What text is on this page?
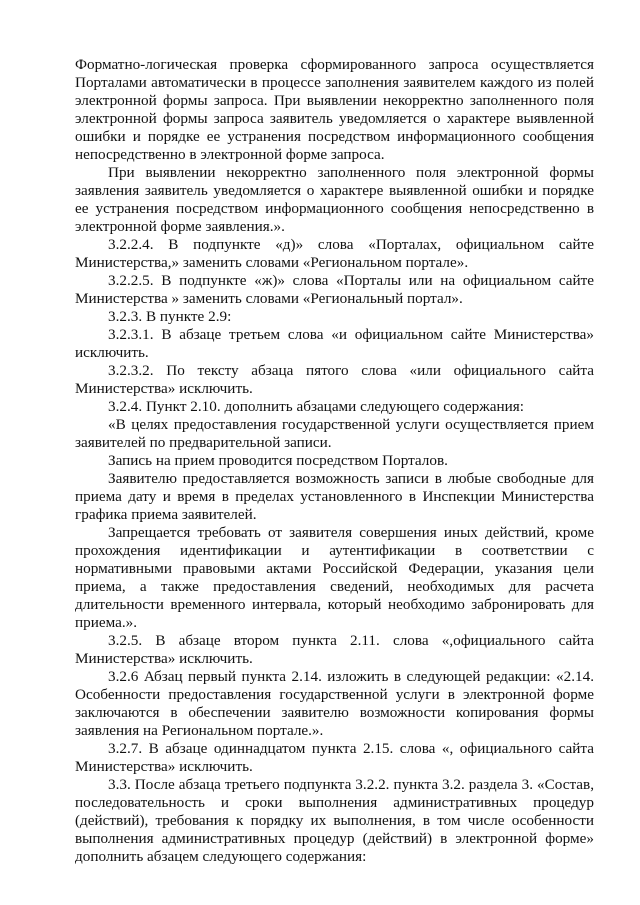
Форматно-логическая проверка сформированного запроса осуществляется Порталами автоматически в процессе заполнения заявителем каждого из полей электронной формы запроса. При выявлении некорректно заполненного поля электронной формы запроса заявитель уведомляется о характере выявленной ошибки и порядке ее устранения посредством информационного сообщения непосредственно в электронной форме запроса.

При выявлении некорректно заполненного поля электронной формы заявления заявитель уведомляется о характере выявленной ошибки и порядке ее устранения посредством информационного сообщения непосредственно в электронной форме заявления.».

3.2.2.4. В подпункте «д)» слова «Порталах, официальном сайте Министерства,» заменить словами «Региональном портале».

3.2.2.5. В подпункте «ж)» слова «Порталы или на официальном сайте Министерства » заменить словами «Региональный портал».

3.2.3. В пункте 2.9:

3.2.3.1. В абзаце третьем слова «и официальном сайте Министерства» исключить.

3.2.3.2. По тексту абзаца пятого слова «или официального сайта Министерства» исключить.

3.2.4. Пункт 2.10. дополнить абзацами следующего содержания:

«В целях предоставления государственной услуги осуществляется прием заявителей по предварительной записи.

Запись на прием проводится посредством Порталов.

Заявителю предоставляется возможность записи в любые свободные для приема дату и время в пределах установленного в Инспекции Министерства графика приема заявителей.

Запрещается требовать от заявителя совершения иных действий, кроме прохождения идентификации и аутентификации в соответствии с нормативными правовыми актами Российской Федерации, указания цели приема, а также предоставления сведений, необходимых для расчета длительности временного интервала, который необходимо забронировать для приема.».

3.2.5. В абзаце втором пункта 2.11. слова «,официального сайта Министерства» исключить.

3.2.6 Абзац первый пункта 2.14. изложить в следующей редакции: «2.14. Особенности предоставления государственной услуги в электронной форме заключаются в обеспечении заявителю возможности копирования формы заявления на Региональном портале.».

3.2.7. В абзаце одиннадцатом пункта 2.15. слова «, официального сайта Министерства» исключить.

3.3. После абзаца третьего подпункта 3.2.2. пункта 3.2. раздела 3. «Состав, последовательность и сроки выполнения административных процедур (действий), требования к порядку их выполнения, в том числе особенности выполнения административных процедур (действий) в электронной форме» дополнить абзацем следующего содержания:
